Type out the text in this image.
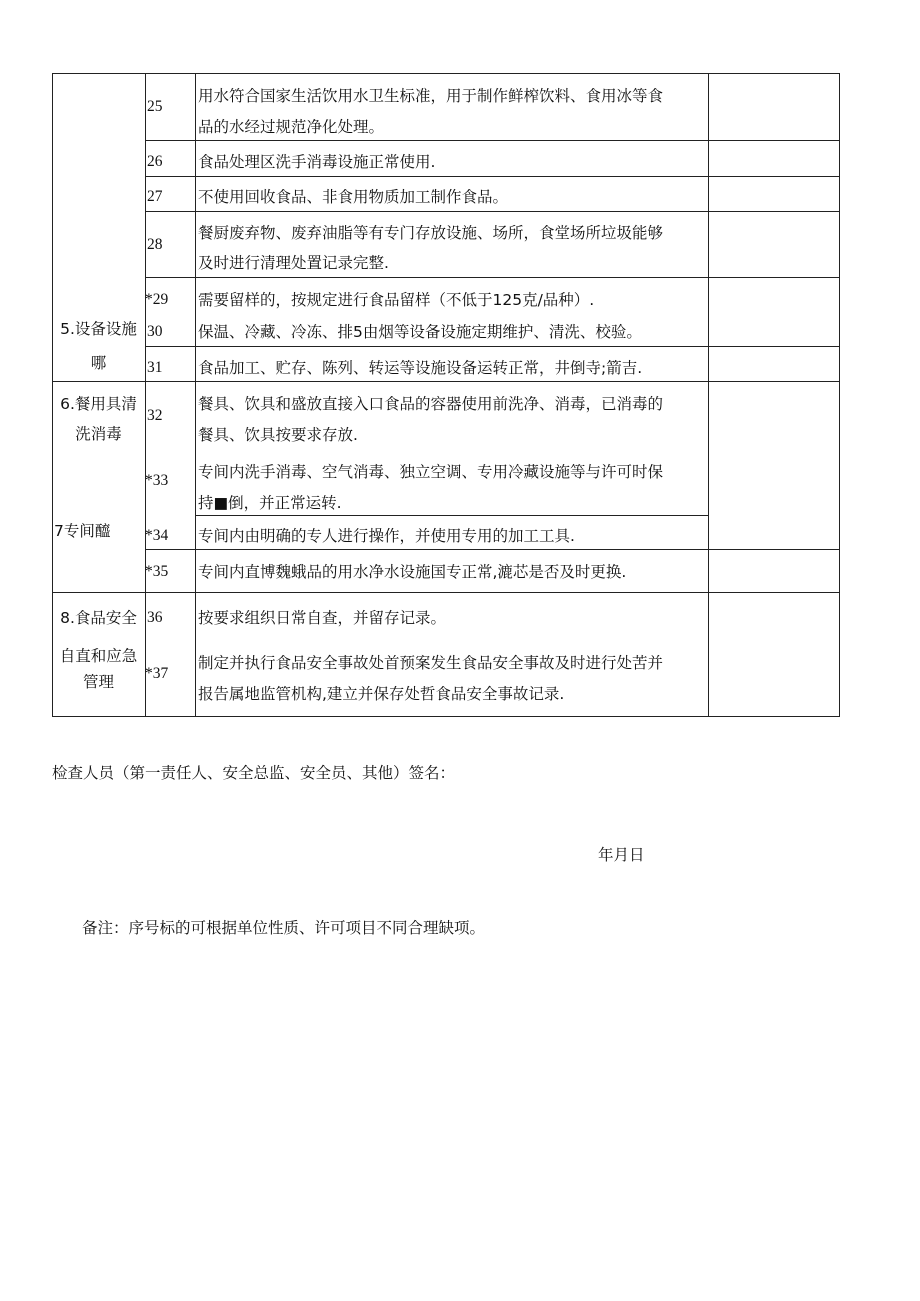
5.设备设施
哪
6.餐用具清
洗消毒
7专间醯
8.食品安全
自直和应急
管理
25
用水符合国家生活饮用水卫生标准，用于制作鲜榨饮料、食用冰等食
品的水经过规范净化处理。
26 食品处理区洗手消毒设施正常使用.
27 不使用回收食品、非食用物质加工制作食品。
28
餐厨废弃物、废弃油脂等有专门存放设施、场所，食堂场所垃圾能够
及时进行清理处置记录完整.
*29 需要留样的，按规定进行食品留样（不低于125克/品种）.
30 保温、冷藏、冷冻、排5由烟等设备设施定期维护、清洗、校验。
31 食品加工、贮存、陈列、转运等设施设备运转正常，井倒寺;箭吉.
32
餐具、饮具和盛放直接入口食品的容器使用前洗净、消毒，已消毒的
餐具、饮具按要求存放.
*33 专间内洗手消毒、空气消毒、独立空调、专用冷藏设施等与许可时保
持■倒，并正常运转.
*34 专间内由明确的专人进行操作，并使用专用的加工工具.
*35 专间内直博魏蛾品的用水净水设施国专正常,漉芯是否及时更换.
36 按要求组织日常自查，并留存记录。
*37
制定并执行食品安全事故处首预案发生食品安全事故及时进行处苦并
报告属地监管机构,建立并保存处哲食品安全事故记录.
检查人员（第一责任人、安全总监、安全员、其他）签名：
年月日
备注：序号标的可根据单位性质、许可项目不同合理缺项。
